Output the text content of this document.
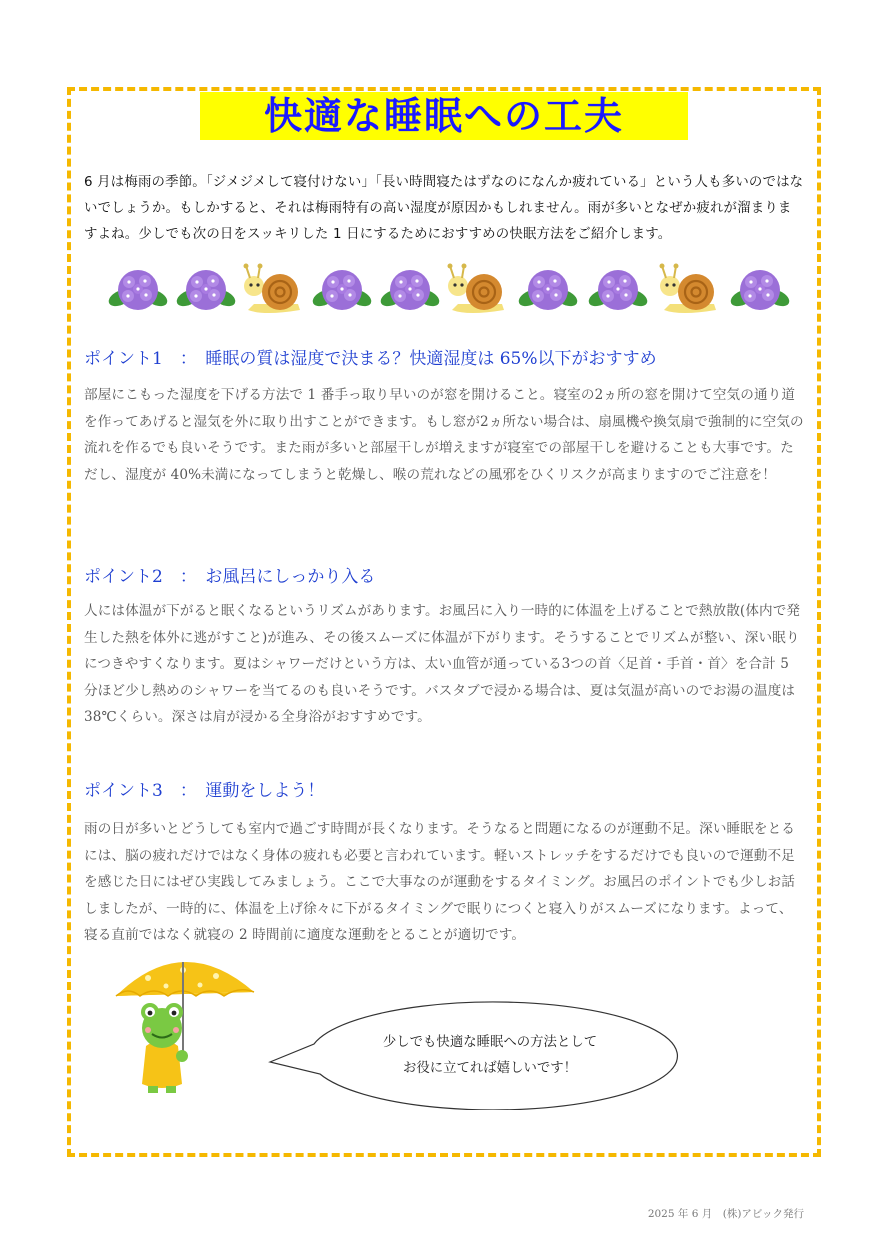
快適な睡眠への工夫
6 月は梅雨の季節。「ジメジメして寝付けない」「長い時間寝たはずなのになんか疲れている」という人も多いのではないでしょうか。もしかすると、それは梅雨特有の高い湿度が原因かもしれません。雨が多いとなぜか疲れが溜まりますよね。少しでも次の日をスッキリした 1 日にするためにおすすめの快眠方法をご紹介します。
ポイント1　：　睡眠の質は湿度で決まる？快適湿度は 65%以下がおすすめ
部屋にこもった湿度を下げる方法で 1 番手っ取り早いのが窓を開けること。寝室の2ヵ所の窓を開けて空気の通り道を作ってあげると湿気を外に取り出すことができます。もし窓が2ヵ所ない場合は、扇風機や換気扇で強制的に空気の流れを作るでも良いそうです。また雨が多いと部屋干しが増えますが寝室での部屋干しを避けることも大事です。ただし、湿度が 40%未満になってしまうと乾燥し、喉の荒れなどの風邪をひくリスクが高まりますのでご注意を！
ポイント2　：　お風呂にしっかり入る
人には体温が下がると眠くなるというリズムがあります。お風呂に入り一時的に体温を上げることで熱放散(体内で発生した熱を体外に逃がすこと)が進み、その後スムーズに体温が下がります。そうすることでリズムが整い、深い眠りにつきやすくなります。夏はシャワーだけという方は、太い血管が通っている3つの首〈足首・手首・首〉を合計 5 分ほど少し熱めのシャワーを当てるのも良いそうです。バスタブで浸かる場合は、夏は気温が高いのでお湯の温度は 38℃くらい。深さは肩が浸かる全身浴がおすすめです。
ポイント3　：　運動をしよう！
雨の日が多いとどうしても室内で過ごす時間が長くなります。そうなると問題になるのが運動不足。深い睡眠をとるには、脳の疲れだけではなく身体の疲れも必要と言われています。軽いストレッチをするだけでも良いので運動不足を感じた日にはぜひ実践してみましょう。ここで大事なのが運動をするタイミング。お風呂のポイントでも少しお話しましたが、一時的に、体温を上げ徐々に下がるタイミングで眠りにつくと寝入りがスムーズになります。よって、寝る直前ではなく就寝の 2 時間前に適度な運動をとることが適切です。
少しでも快適な睡眠への方法として
お役に立てれば嬉しいです！
2025 年 6 月　(株)アビック発行
